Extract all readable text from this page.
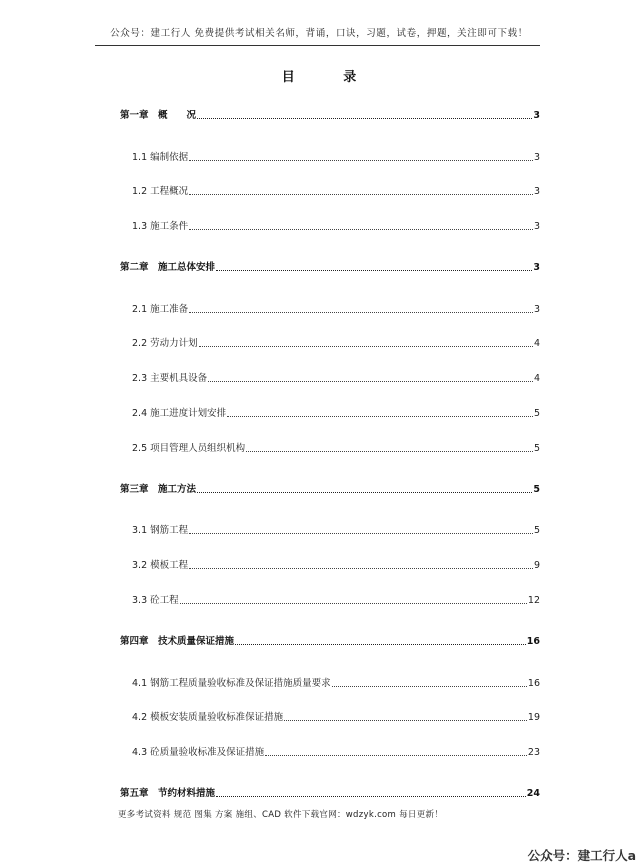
公众号：建工行人 免费提供考试相关名师，背诵，口诀，习题，试卷，押题，关注即可下载！
目 录
第一章　概　　况	3
1.1 编制依据	3
1.2 工程概况	3
1.3 施工条件	3
第二章　施工总体安排	3
2.1 施工准备	3
2.2 劳动力计划	4
2.3 主要机具设备	4
2.4 施工进度计划安排	5
2.5 项目管理人员组织机构	5
第三章　施工方法	5
3.1 钢筋工程	5
3.2 模板工程	9
3.3 砼工程	12
第四章　技术质量保证措施	16
4.1 钢筋工程质量验收标准及保证措施质量要求	16
4.2 模板安装质量验收标准保证措施	19
4.3 砼质量验收标准及保证措施	23
第五章　节约材料措施	24
更多考试资料 规范 图集 方案 施组、CAD 软件下载官网：wdzyk.com 每日更新！
公众号：建工行人a
